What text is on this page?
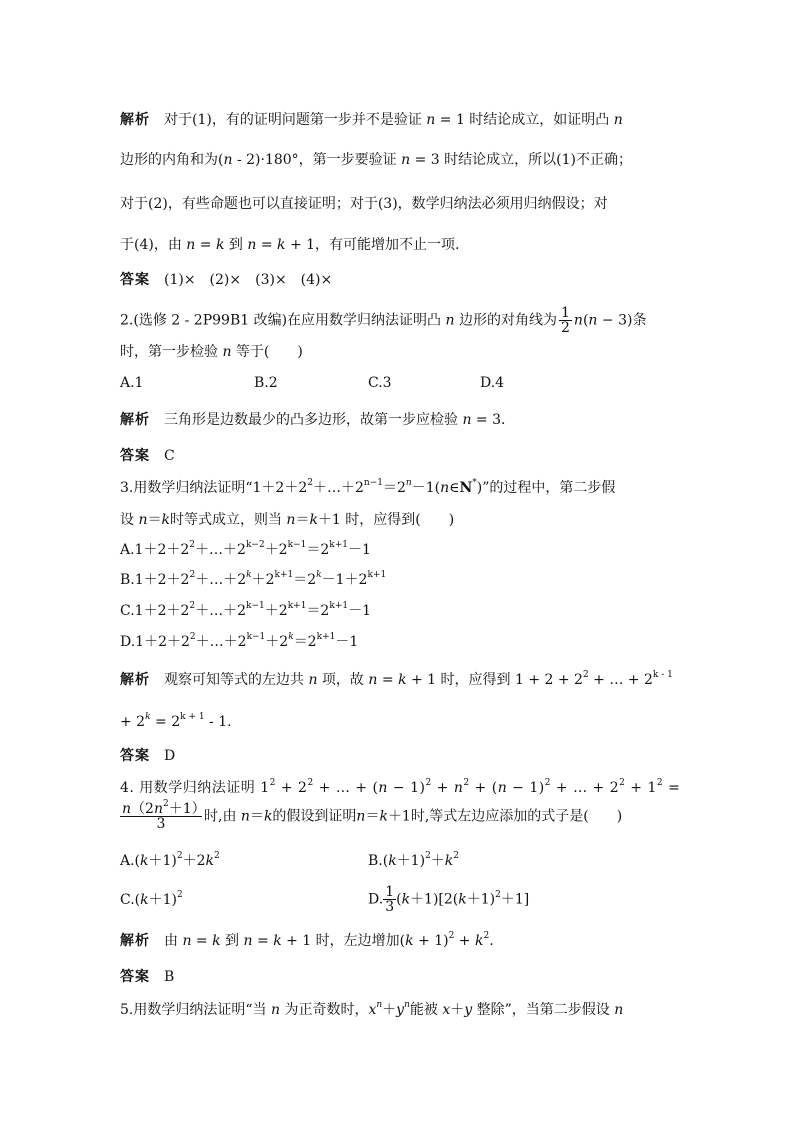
解析 对于(1)，有的证明问题第一步并不是验证 n = 1 时结论成立，如证明凸 n
边形的内角和为(n - 2)·180°，第一步要验证 n = 3 时结论成立，所以(1)不正确；
对于(2)，有些命题也可以直接证明；对于(3)，数学归纳法必须用归纳假设；对
于(4)，由 n = k 到 n = k + 1，有可能增加不止一项.
答案 (1)×　(2)×　(3)×　(4)×
2.(选修 2 - 2P99B1 改编)在应用数学归纳法证明凸 n 边形的对角线为 $\frac{1}{2} n(n - 3)$条
时，第一步检验 n 等于(　　)
A.1	B.2	C.3	D.4
解析 三角形是边数最少的凸多边形，故第一步应检验 n = 3.
答案 C
3.用数学归纳法证明“$1+2+2^2+\dots+2^{n-1}=2^n-1(n\in N^*)$”的过程中，第二步假
设 n＝k时等式成立，则当 n＝k＋1 时，应得到(　　)
$A.1+2+2^2+\dots+2^{k-2}+2^{k-1}=2^{k+1}-1$
$B.1+2+2^2+\dots+2^k+2^{k+1}=2^k-1+2^{k+1}$
$C.1+2+2^2+\dots+2^{k-1}+2^{k+1}=2^{k+1}-1$
$D.1+2+2^2+\dots+2^{k-1}+2^k=2^{k+1}-1$
解析 观察可知等式的左边共 n 项，故 n = k + 1 时，应得到 $1 + 2 + 2^2$ + … + $2^{k - 1}$
+ $2^k = 2^{k + 1} - 1$.
答案 D
4. 用数学归纳法证明 $1^2 + 2^2$ + … + $(n - 1)^2 + n^2 + (n - 1)^2$ + … + $2^2 + 1^2$ =
$\frac{n(2n^2+1)}{3}$ 时,由 n＝k的假设到证明n＝k＋1时,等式左边应添加的式子是(　　)
$A.(k+1)^2+2k^2$	$B.(k+1)^2+k^2$
$C.(k+1)^2$	D. $\frac{1}{3} (k+1)[2(k+1)^2+1]$
解析 由 n = k 到 n = k + 1 时，左边增加$(k + 1)^2 + k^2$.
答案 B
5.用数学归纳法证明“当 n 为正奇数时，$x^n+y^n$能被 x＋y 整除”，当第二步假设 n
